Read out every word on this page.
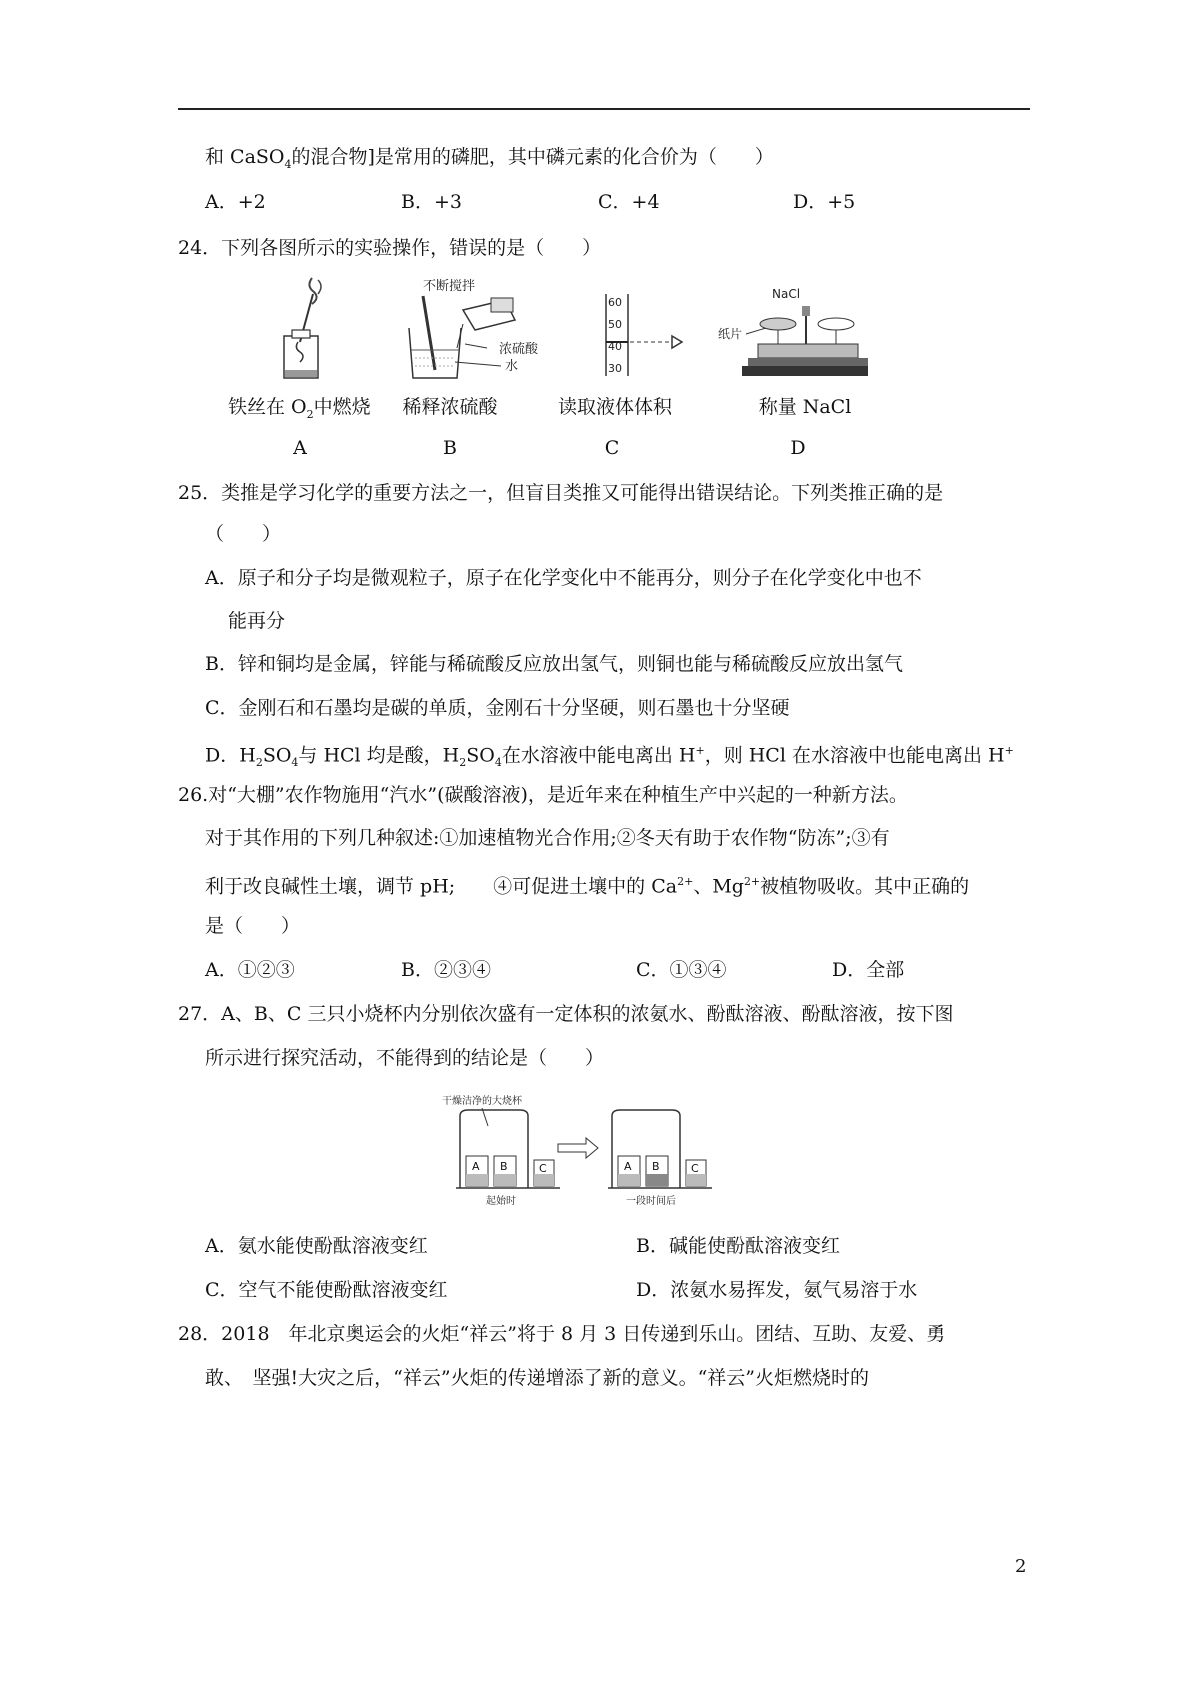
和 CaSO$_4$的混合物]是常用的磷肥，其中磷元素的化合价为（　　）
A．+2	B．+3	C．+4	D．+5
24．下列各图所示的实验操作，错误的是（　　）
不断搅拌
浓硫酸
水
60
50
40
30
NaCl
纸片
铁丝在 $O_2$中燃烧	稀释浓硫酸	读取液体体积	称量 NaCl
A	B	C	D
25．类推是学习化学的重要方法之一，但盲目类推又可能得出错误结论。下列类推正确的是
（　　）
A．原子和分子均是微观粒子，原子在化学变化中不能再分，则分子在化学变化中也不
能再分
B．锌和铜均是金属，锌能与稀硫酸反应放出氢气，则铜也能与稀硫酸反应放出氢气
C．金刚石和石墨均是碳的单质，金刚石十分坚硬，则石墨也十分坚硬
D．$H_2SO_4$与 HCl 均是酸，$H_2SO_4$在水溶液中能电离出 H+，则 HCl 在水溶液中也能电离出 H+
26.对“大棚”农作物施用“汽水”(碳酸溶液)，是近年来在种植生产中兴起的一种新方法。
对于其作用的下列几种叙述:①加速植物光合作用;②冬天有助于农作物“防冻”;③有
利于改良碱性土壤，调节 pH;　　④可促进土壤中的 $Ca^{2+}$、$Mg^{2+}$被植物吸收。其中正确的
是（　　）
A．①②③	B．②③④	C．①③④	D．全部
27．A、B、C 三只小烧杯内分别依次盛有一定体积的浓氨水、酚酞溶液、酚酞溶液，按下图
所示进行探究活动，不能得到的结论是（　　）
干燥洁净的大烧杯
A B	C
起始时
A B	C
一段时间后
A．氨水能使酚酞溶液变红	B．碱能使酚酞溶液变红
C．空气不能使酚酞溶液变红	D．浓氨水易挥发，氨气易溶于水
28．2018　年北京奥运会的火炬“祥云”将于 8 月 3 日传递到乐山。团结、互助、友爱、勇
敢、　坚强!大灾之后，“祥云”火炬的传递增添了新的意义。“祥云”火炬燃烧时的
2
